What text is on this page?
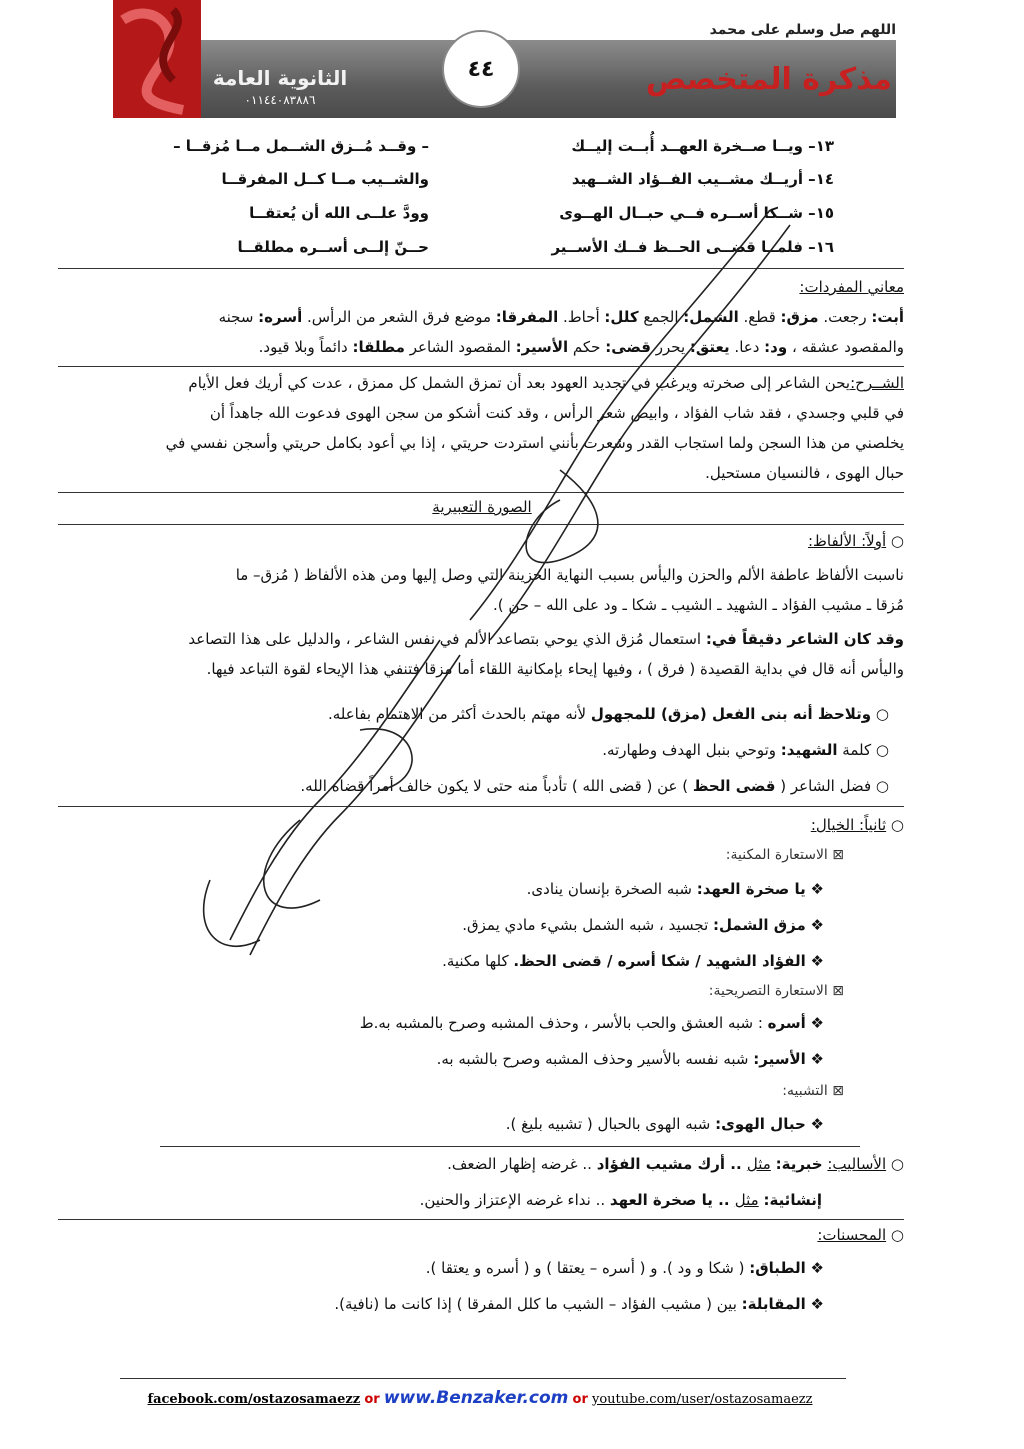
اللهم صل وسلم على محمد
الثانوية العامة
٠١١٤٤٠٨٣٨٨٦
٤٤	مذكرة المتخصص
١٣– ويــا صــخرة العهــد أُبــت إليــك
– وقــد مُــزق الشــمل مــا مُزقــا –
١٤– أريــك مشــيب الفــؤاد الشــهيد
والشــيب مــا كــل المفرقــا
١٥– شــكا أســره فــي حبــال الهــوى
وودَّ علــى الله أن يُعتقــا
١٦– فلمــا قضــى الحــظ فــك الأســير
حــنّ إلــى أســره مطلقــا
معاني المفردات:
أبت: رجعت. مزق: قطع. الشمل: الجمع كلل: أحاط. المفرقا: موضع فرق الشعر من الرأس. أسره: سجنه
والمقصود عشقه ، ود: دعا. يعتق: يحرر قضى: حكم الأسير: المقصود الشاعر مطلقا: دائماً وبلا قيود.
الشــرح:يحن الشاعر إلى صخرته ويرغب في تجديد العهود بعد أن تمزق الشمل كل ممزق ، عدت كي أريك فعل الأيام
في قلبي وجسدي ، فقد شاب الفؤاد ، وابيض شعر الرأس ، وقد كنت أشكو من سجن الهوى فدعوت الله جاهداً أن
يخلصني من هذا السجن ولما استجاب القدر وشعرت بأنني استردت حريتي ، إذا بي أعود بكامل حريتي وأسجن نفسي في
حبال الهوى ، فالنسيان مستحيل.
الصورة التعبيرية
○ أولاً: الألفاظ:
ناسبت الألفاظ عاطفة الألم والحزن واليأس بسبب النهاية الحزينة التي وصل إليها ومن هذه الألفاظ ( مُزق– ما
مُزقا ـ مشيب الفؤاد ـ الشهيد ـ الشيب ـ شكا ـ ود على الله – حن ).
وقد كان الشاعر دقيقاً في: استعمال مُزق الذي يوحي بتصاعد الألم في نفس الشاعر ، والدليل على هذا التصاعد
واليأس أنه قال في بداية القصيدة ( فرق ) ، وفيها إيحاء بإمكانية اللقاء أما مزقا فتنفي هذا الإيحاء لقوة التباعد فيها.
○ وتلاحظ أنه بنى الفعل (مزق) للمجهول لأنه مهتم بالحدث أكثر من الاهتمام بفاعله.
○ كلمة الشهيد: وتوحي بنبل الهدف وطهارته.
○ فضل الشاعر ( قضى الحظ ) عن ( قضى الله ) تأدباً منه حتى لا يكون خالف أمراً قضاه الله.
○ ثانياً: الخيال:
⊠ الاستعارة المكنية:
❖ يا صخرة العهد: شبه الصخرة بإنسان ينادى.
❖ مزق الشمل: تجسيد ، شبه الشمل بشيء مادي يمزق.
❖ الفؤاد الشهيد / شكا أسره / قضى الحظ. كلها مكنية.
⊠ الاستعارة التصريحية:
❖ أسره : شبه العشق والحب بالأسر ، وحذف المشبه وصرح بالمشبه به.ط
❖ الأسير: شبه نفسه بالأسير وحذف المشبه وصرح بالشبه به.
⊠ التشبيه:
❖ حبال الهوى: شبه الهوى بالحبال ( تشبيه بليغ ).
○ الأساليب: خبرية: مثل .. أرك مشيب الفؤاد .. غرضه إظهار الضعف.
إنشائية: مثل .. يا صخرة العهد .. نداء غرضه الإعتزاز والحنين.
○ المحسنات:
❖ الطباق: ( شكا و ود ). و ( أسره – يعتقا ) و ( أسره و يعتقا ).
❖ المقابلة: بين ( مشيب الفؤاد – الشيب ما كلل المفرقا ) إذا كانت ما (نافية).
facebook.com/ostazosamaezz or www.Benzaker.com or youtube.com/user/ostazosamaezz
